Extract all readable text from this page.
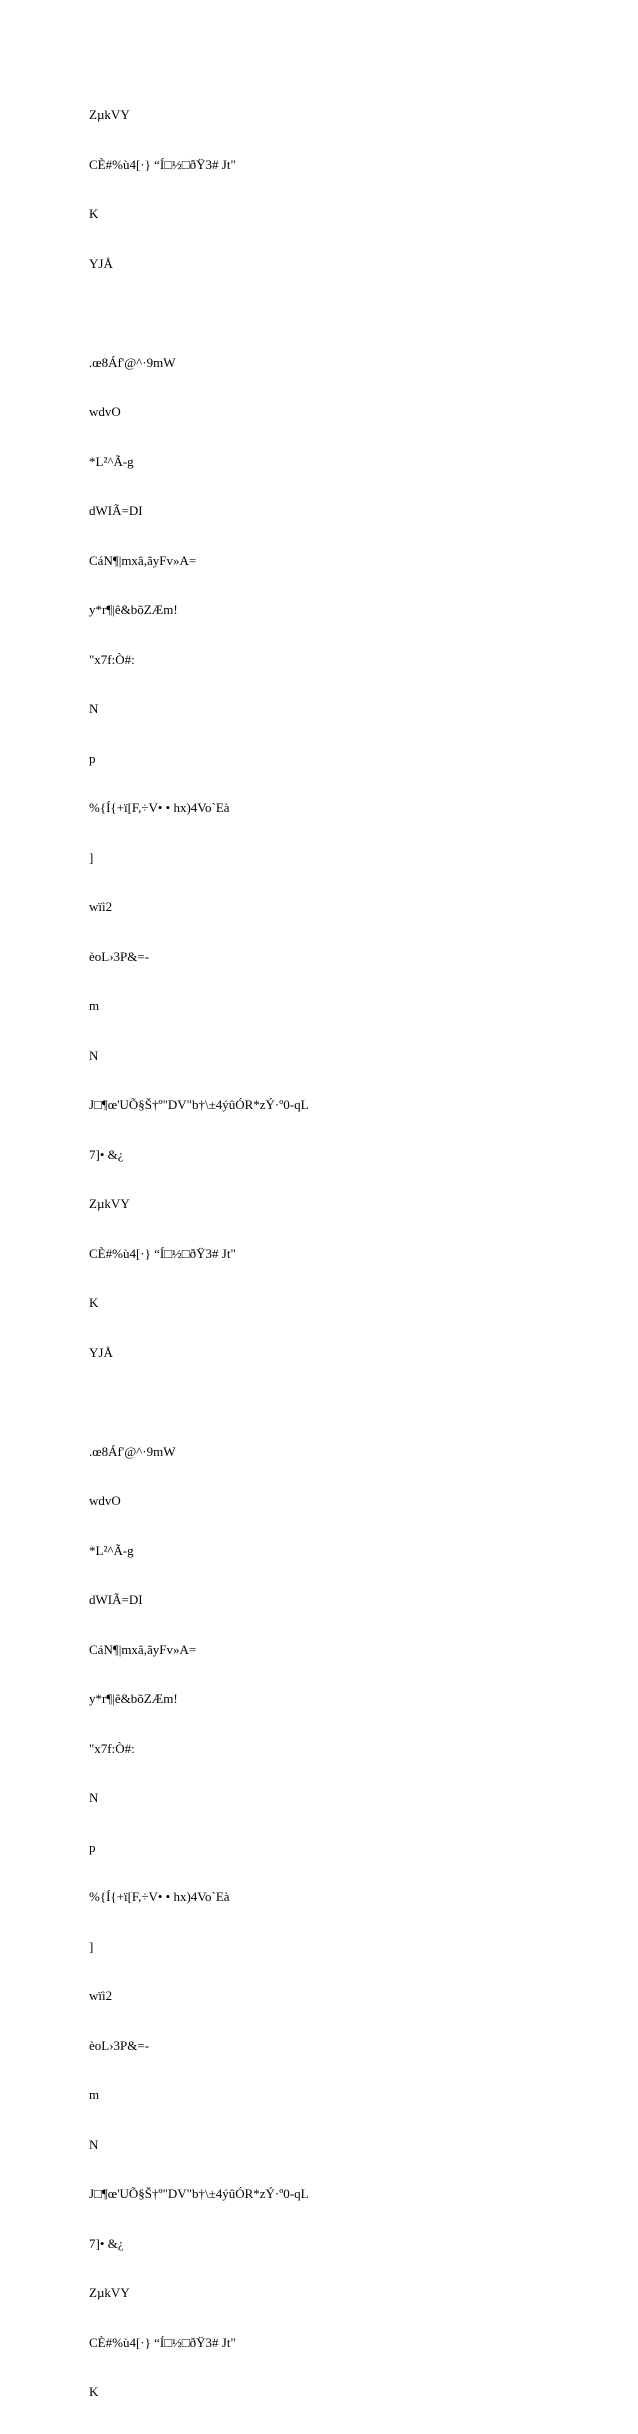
ZµkVY

CÈ#%ù4[·} “Í□½□ðŸ3# Jt"

K

YJÅ

.œ8Áf'@^·9mW

wdvO

*L²^Ã-g

dWIÃ=DI

CáN¶|mxâ,ãyFv»A=

y*r¶|ê&bõZÆm!

"x7f:Ò#:

N

p

%{Í{+ï[F,÷V• • hx)4Vo`Eà

]

wïì2

èoL›3P&=-

m

N

J□¶œ'UÕ§Š†º"DV"b†\±4ýûÓR*zÝ·º0-qL

7]• &¿

ZµkVY

CÈ#%ù4[·} “Í□½□ðŸ3# Jt"

K

YJÅ

.œ8Áf'@^·9mW

wdvO

*L²^Ã-g

dWIÃ=DI

CáN¶|mxâ,ãyFv»A=

y*r¶|ê&bõZÆm!

"x7f:Ò#:

N

p

%{Í{+ï[F,÷V• • hx)4Vo`Eà

]

wïì2

èoL›3P&=-

m

N

J□¶œ'UÕ§Š†º"DV"b†\±4ýûÓR*zÝ·º0-qL

7]• &¿

ZµkVY

CÈ#%ù4[·} “Í□½□ðŸ3# Jt"

K
